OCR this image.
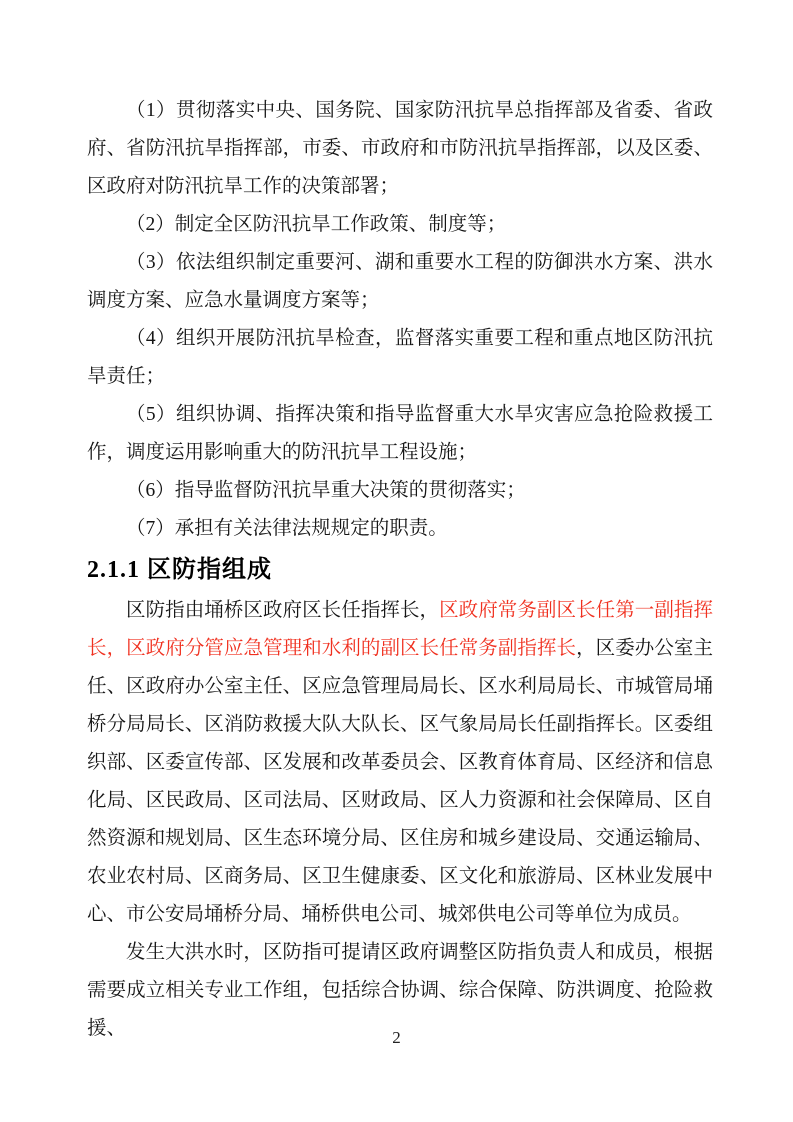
（1）贯彻落实中央、国务院、国家防汛抗旱总指挥部及省委、省政府、省防汛抗旱指挥部，市委、市政府和市防汛抗旱指挥部，以及区委、区政府对防汛抗旱工作的决策部署；

（2）制定全区防汛抗旱工作政策、制度等；

（3）依法组织制定重要河、湖和重要水工程的防御洪水方案、洪水调度方案、应急水量调度方案等；

（4）组织开展防汛抗旱检查，监督落实重要工程和重点地区防汛抗旱责任；

（5）组织协调、指挥决策和指导监督重大水旱灾害应急抢险救援工作，调度运用影响重大的防汛抗旱工程设施；

（6）指导监督防汛抗旱重大决策的贯彻落实；

（7）承担有关法律法规规定的职责。

2.1.1 区防指组成

区防指由埇桥区政府区长任指挥长，区政府常务副区长任第一副指挥长，区政府分管应急管理和水利的副区长任常务副指挥长，区委办公室主任、区政府办公室主任、区应急管理局局长、区水利局局长、市城管局埇桥分局局长、区消防救援大队大队长、区气象局局长任副指挥长。区委组织部、区委宣传部、区发展和改革委员会、区教育体育局、区经济和信息化局、区民政局、区司法局、区财政局、区人力资源和社会保障局、区自然资源和规划局、区生态环境分局、区住房和城乡建设局、交通运输局、农业农村局、区商务局、区卫生健康委、区文化和旅游局、区林业发展中心、市公安局埇桥分局、埇桥供电公司、城郊供电公司等单位为成员。

发生大洪水时，区防指可提请区政府调整区防指负责人和成员，根据需要成立相关专业工作组，包括综合协调、综合保障、防洪调度、抢险救援、	2
